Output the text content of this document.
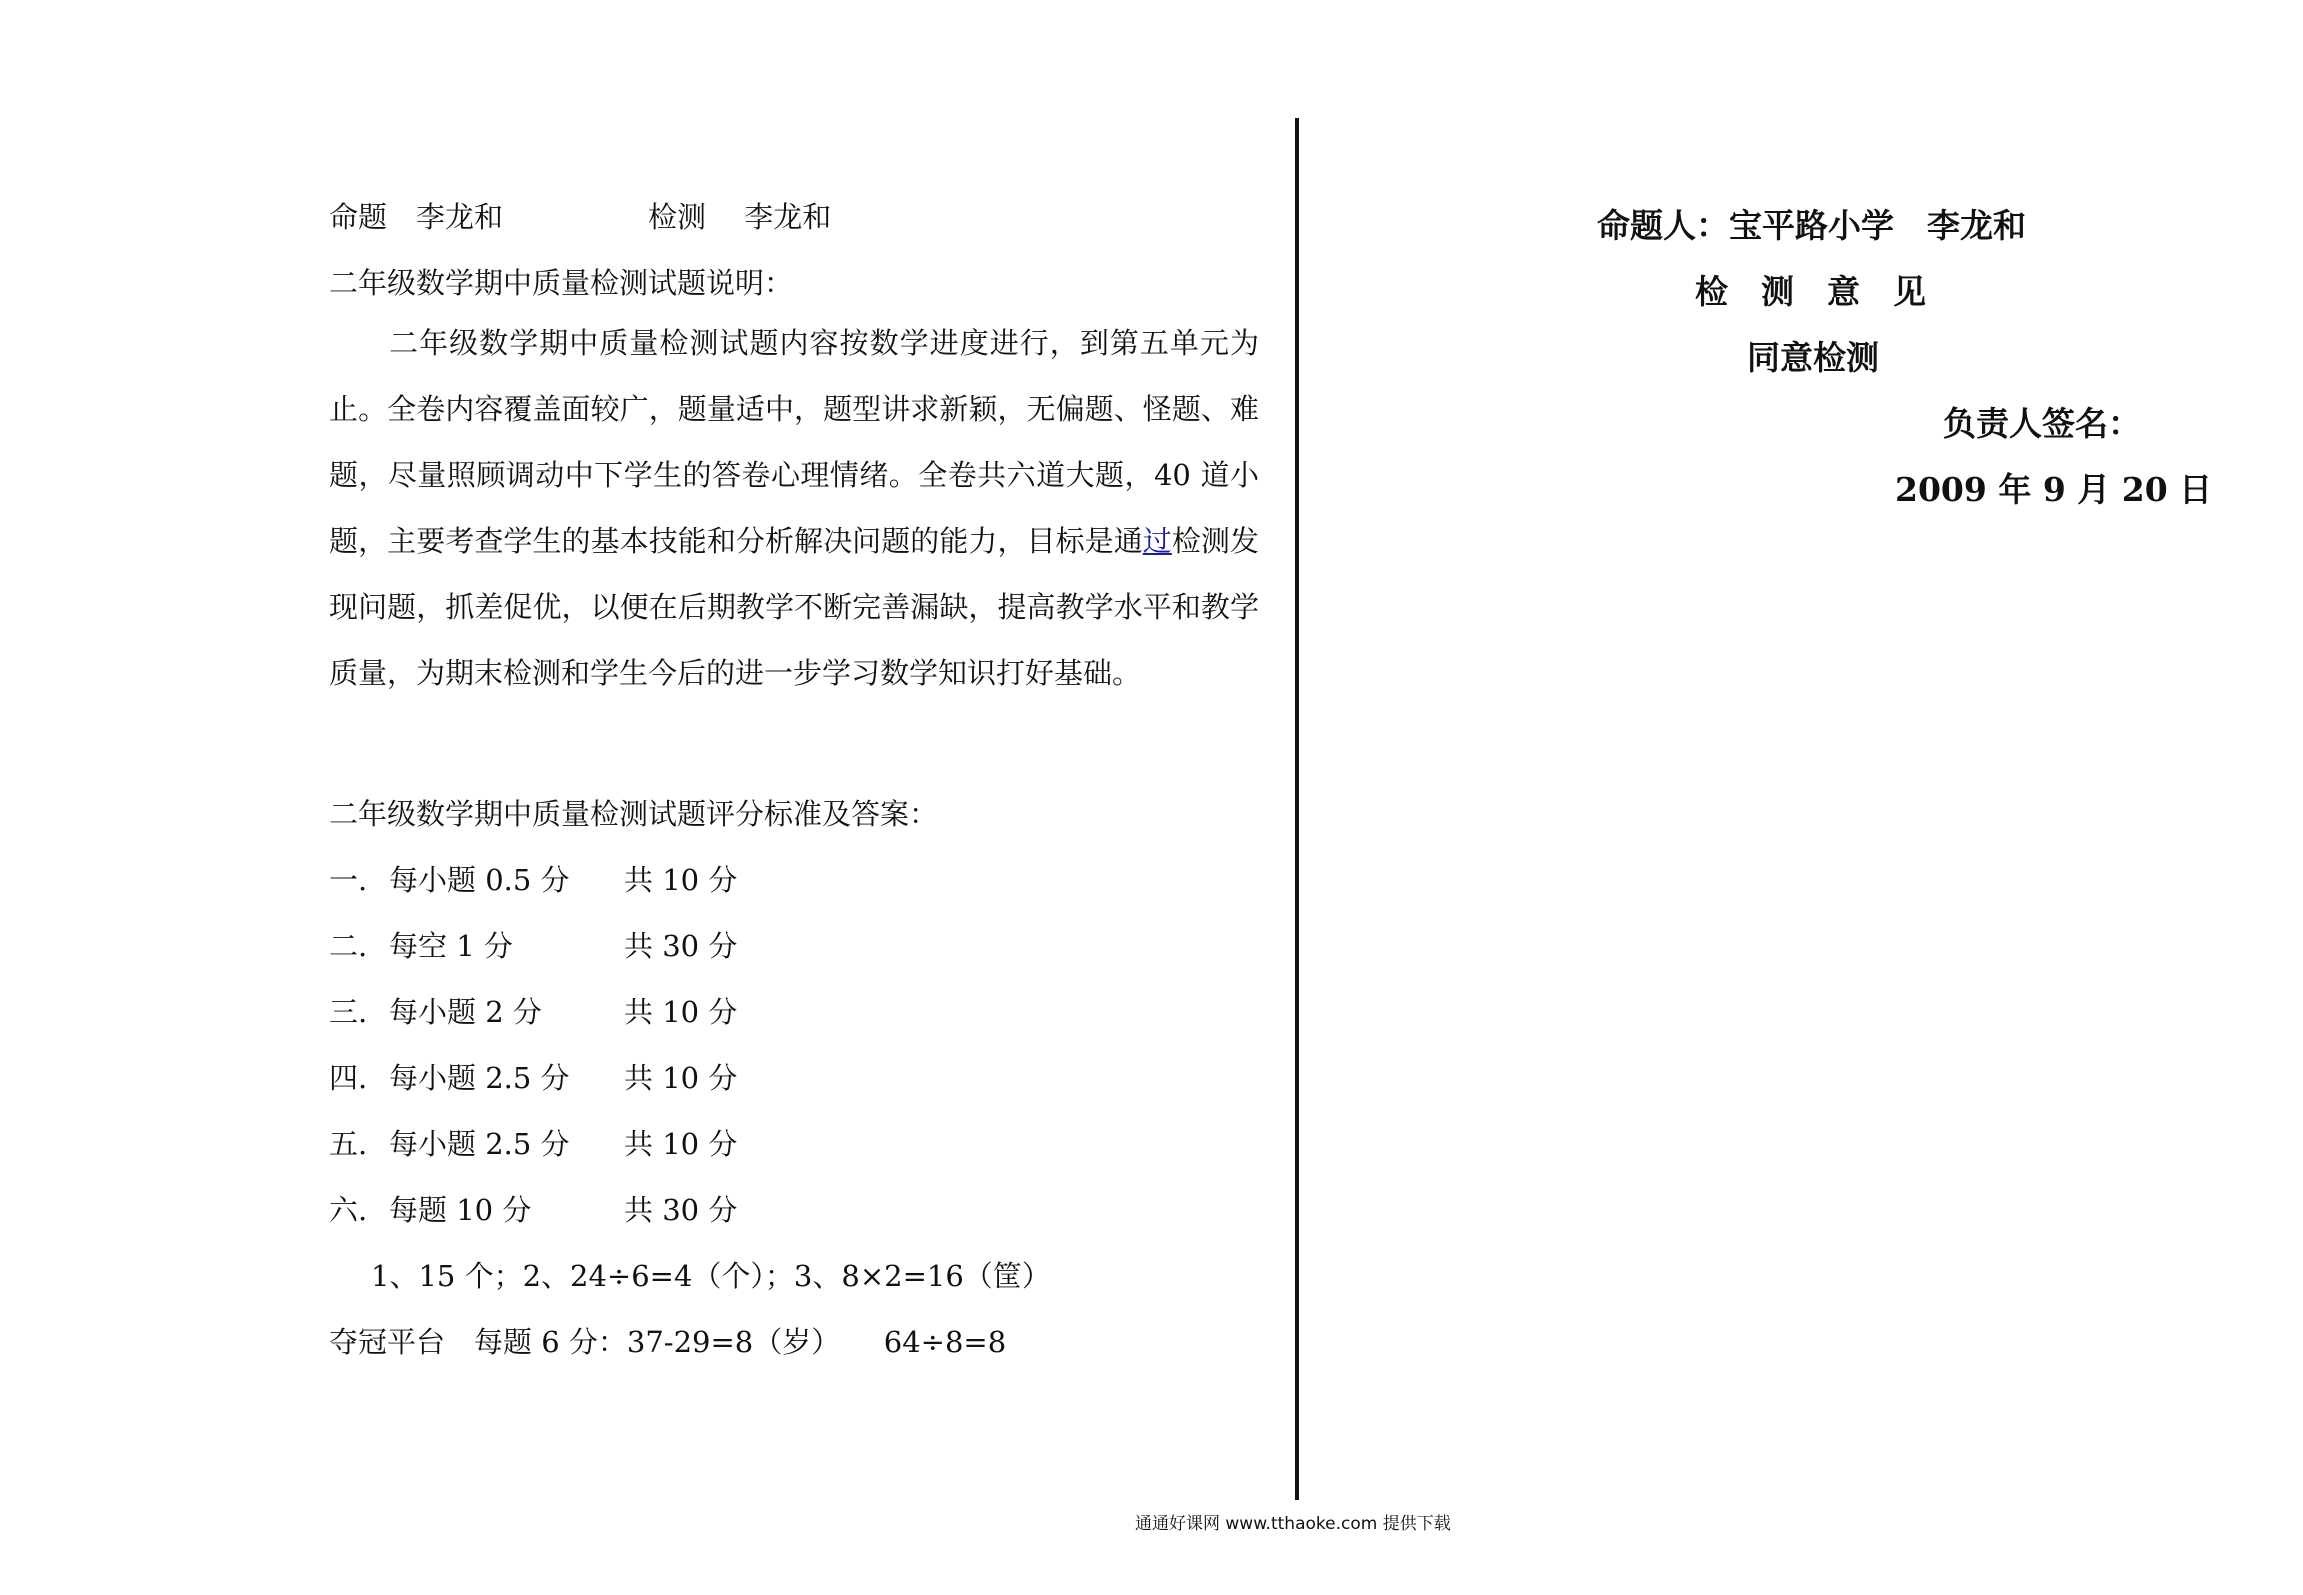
命题　李龙和　　　　　检测　 李龙和
二年级数学期中质量检测试题说明：
　　二年级数学期中质量检测试题内容按数学进度进行，到第五单元为止。全卷内容覆盖面较广，题量适中，题型讲求新颖，无偏题、怪题、难题，尽量照顾调动中下学生的答卷心理情绪。全卷共六道大题，40 道小题，主要考查学生的基本技能和分析解决问题的能力，目标是通过检测发现问题，抓差促优，以便在后期教学不断完善漏缺，提高教学水平和教学质量，为期末检测和学生今后的进一步学习数学知识打好基础。
二年级数学期中质量检测试题评分标准及答案：
一. 每小题 0.5 分 共 10 分
二. 每空 1 分	共 30 分
三. 每小题 2 分	共 10 分
四. 每小题 2.5 分 共 10 分
五. 每小题 2.5 分 共 10 分
六. 每题 10 分	共 30 分
1、15 个；2、24÷6=4（个）；3、8×2=16（筐）
夺冠平台　每题 6 分：37-29=8（岁）　　64÷8=8
命题人：宝平路小学　李龙和
检　测　意　见
同意检测
负责人签名：
2009 年 9 月 20 日
通通好课网 www.tthaoke.com 提供下载
